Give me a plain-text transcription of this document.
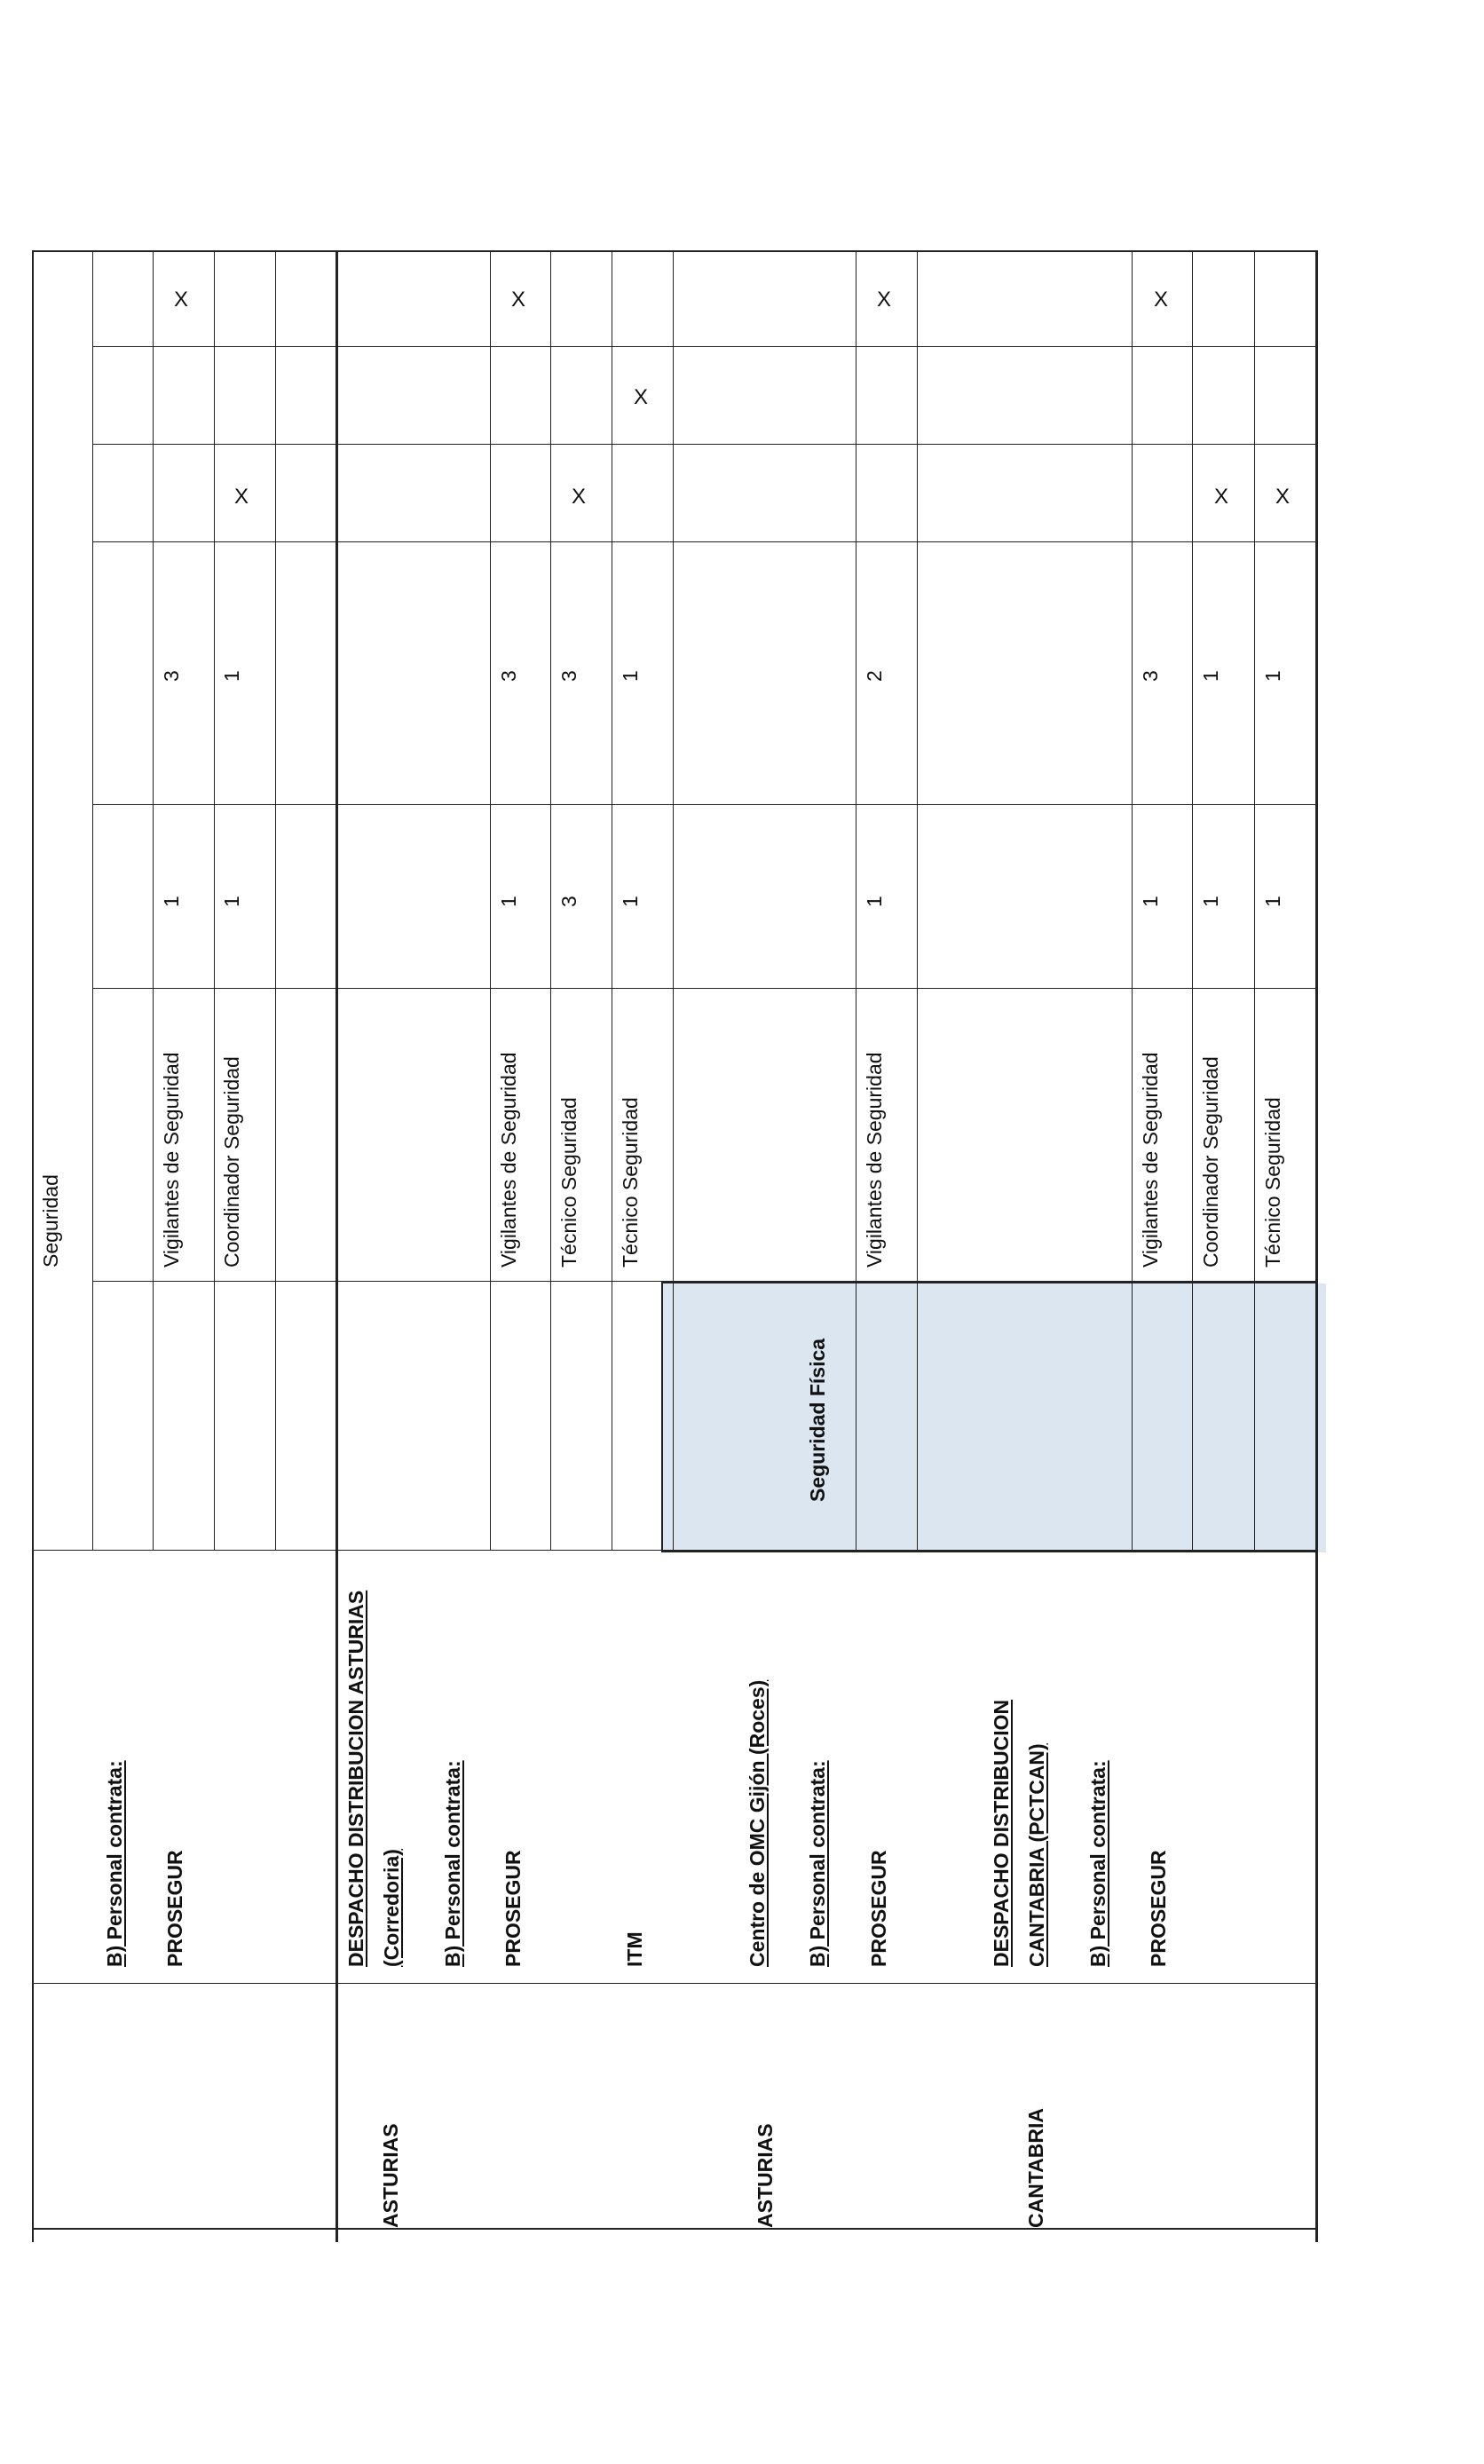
Seguridad
B) Personal contrata: PROSEGUR
Vigilantes de Seguridad
1
3
X
Coordinador Seguridad
1
1
X
ASTURIAS
DESPACHO DISTRIBUCION ASTURIAS (Corredoria) B) Personal contrata: PROSEGUR	ITM
Vigilantes de Seguridad
1
3
X
Técnico Seguridad
3
3
X
Técnico Seguridad
1
1
X
Seguridad Física
ASTURIAS
Centro de OMC Gijón (Roces) B) Personal contrata: PROSEGUR
Vigilantes de Seguridad
1
2
X
CANTABRIA
DESPACHO DISTRIBUCION CANTABRIA (PCTCAN) B) Personal contrata: PROSEGUR
Vigilantes de Seguridad
1
3
X
Coordinador Seguridad
1
1
X
Técnico Seguridad
1
1
X
